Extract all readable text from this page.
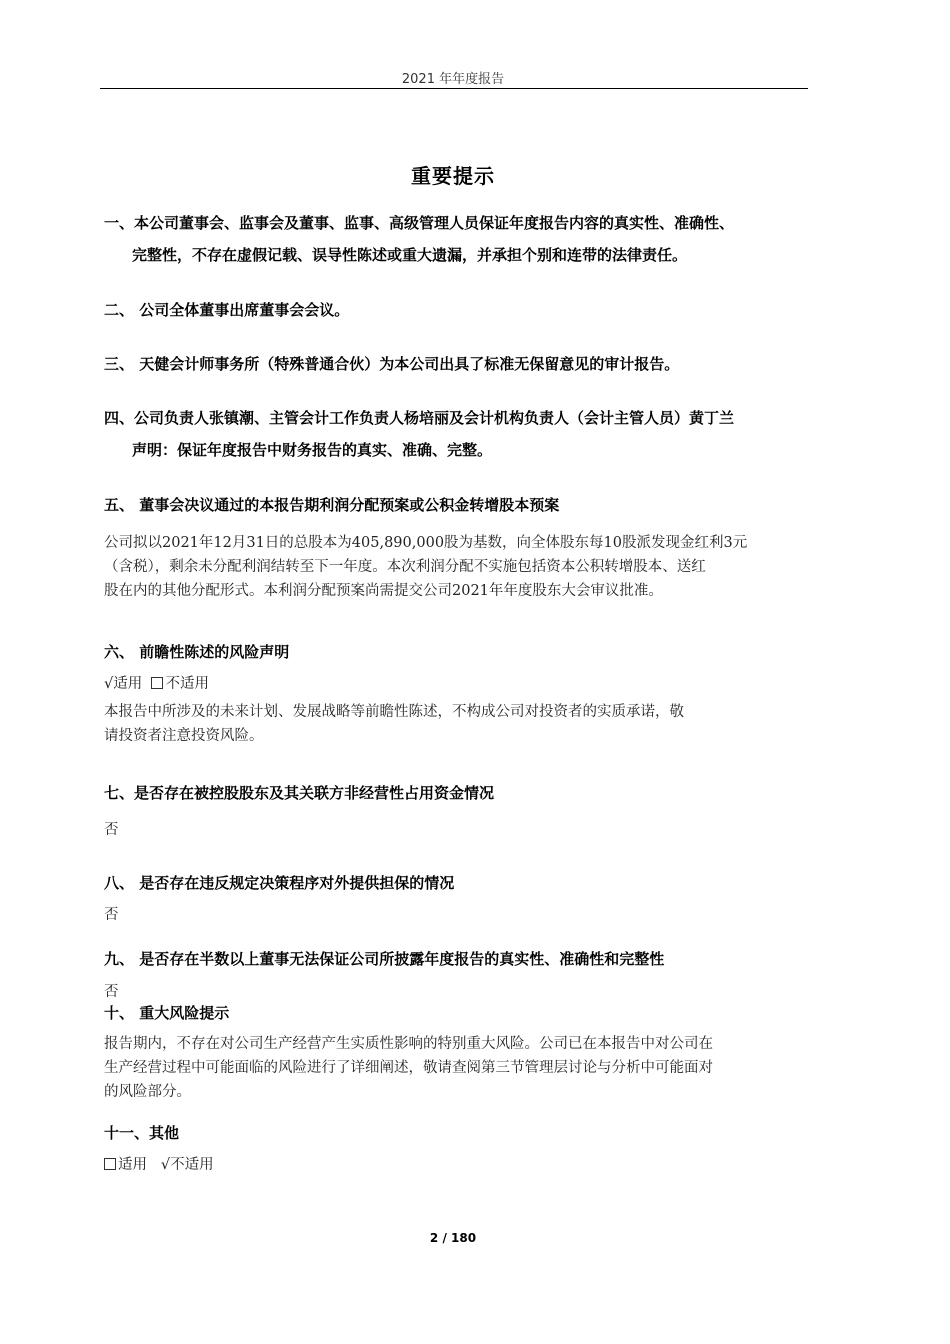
2021 年年度报告
重要提示
一、本公司董事会、监事会及董事、监事、高级管理人员保证年度报告内容的真实性、准确性、
完整性，不存在虚假记载、误导性陈述或重大遗漏，并承担个别和连带的法律责任。
二、 公司全体董事出席董事会会议。
三、 天健会计师事务所（特殊普通合伙）为本公司出具了标准无保留意见的审计报告。
四、公司负责人张镇潮、主管会计工作负责人杨培丽及会计机构负责人（会计主管人员）黄丁兰
声明：保证年度报告中财务报告的真实、准确、完整。
五、 董事会决议通过的本报告期利润分配预案或公积金转增股本预案

公司拟以2021年12月31日的总股本为405,890,000股为基数，向全体股东每10股派发现金红利3元

（含税），剩余未分配利润结转至下一年度。本次利润分配不实施包括资本公积转增股本、送红

股在内的其他分配形式。本利润分配预案尚需提交公司2021年年度股东大会审议批准。

六、 前瞻性陈述的风险声明
√适用 不适用

本报告中所涉及的未来计划、发展战略等前瞻性陈述，不构成公司对投资者的实质承诺，敬

请投资者注意投资风险。

七、是否存在被控股股东及其关联方非经营性占用资金情况
否
八、 是否存在违反规定决策程序对外提供担保的情况
否
九、 是否存在半数以上董事无法保证公司所披露年度报告的真实性、准确性和完整性
否
十、 重大风险提示

报告期内，不存在对公司生产经营产生实质性影响的特别重大风险。公司已在本报告中对公司在

生产经营过程中可能面临的风险进行了详细阐述，敬请查阅第三节管理层讨论与分析中可能面对

的风险部分。

十一、其他
适用 √不适用
2 / 180
